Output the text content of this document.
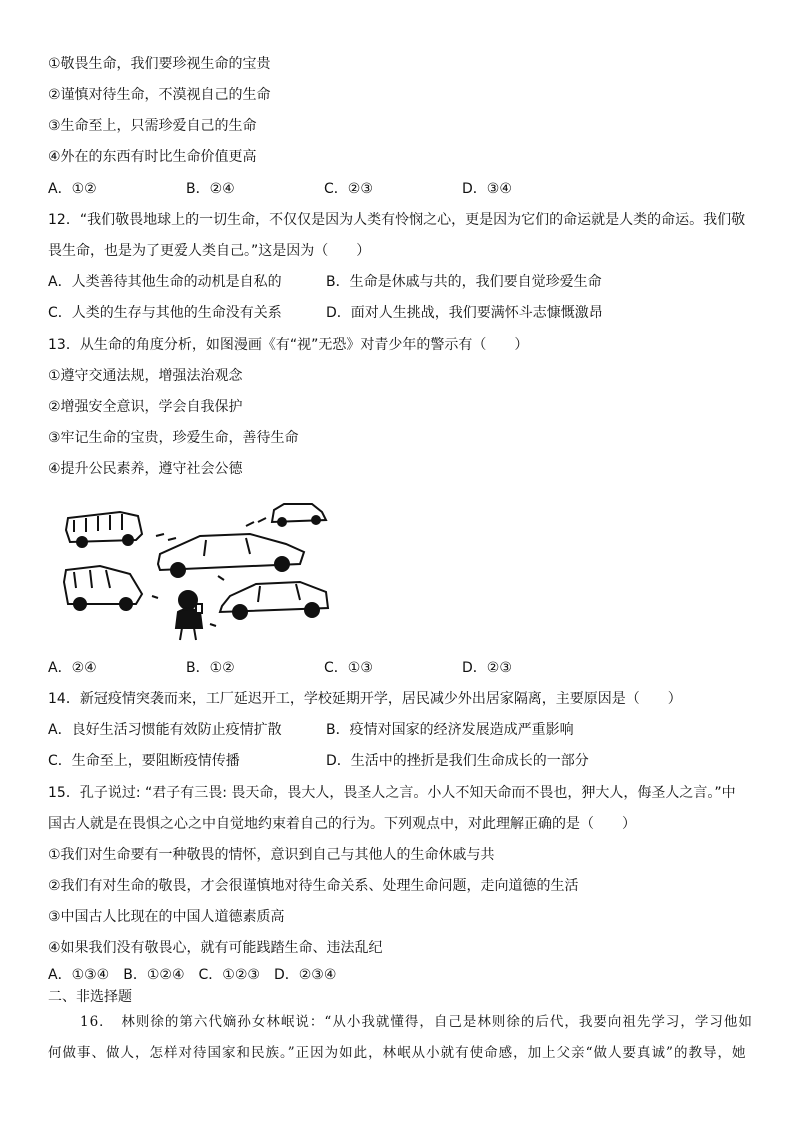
①敬畏生命，我们要珍视生命的宝贵
②谨慎对待生命，不漠视自己的生命
③生命至上，只需珍爱自己的生命
④外在的东西有时比生命价值更高
A．①②	B．②④	C．②③	D．③④
12．“我们敬畏地球上的一切生命，不仅仅是因为人类有怜悯之心，更是因为它们的命运就是人类的命运。我们敬
畏生命，也是为了更爱人类自己。”这是因为（　　）
A．人类善待其他生命的动机是自私的	B．生命是休戚与共的，我们要自觉珍爱生命
C．人类的生存与其他的生命没有关系	D．面对人生挑战，我们要满怀斗志慷慨激昂
13．从生命的角度分析，如图漫画《有“视”无恐》对青少年的警示有（　　）
①遵守交通法规，增强法治观念
②增强安全意识，学会自我保护
③牢记生命的宝贵，珍爱生命，善待生命
④提升公民素养，遵守社会公德
A．②④	B．①②	C．①③	D．②③
14．新冠疫情突袭而来，工厂延迟开工，学校延期开学，居民减少外出居家隔离，主要原因是（　　）
A．良好生活习惯能有效防止疫情扩散	B．疫情对国家的经济发展造成严重影响
C．生命至上，要阻断疫情传播	D．生活中的挫折是我们生命成长的一部分
15．孔子说过: “君子有三畏: 畏天命，畏大人，畏圣人之言。小人不知天命而不畏也，狎大人，侮圣人之言。”中
国古人就是在畏惧之心之中自觉地约束着自己的行为。下列观点中，对此理解正确的是（　　）
①我们对生命要有一种敬畏的情怀，意识到自己与其他人的生命休戚与共
②我们有对生命的敬畏，才会很谨慎地对待生命关系、处理生命问题，走向道德的生活
③中国古人比现在的中国人道德素质高
④如果我们没有敬畏心，就有可能践踏生命、违法乱纪
A．①③④ B．①②④ C．①②③ D．②③④
二、非选择题
16．　林则徐的第六代嫡孙女林岷说：“从小我就懂得，自己是林则徐的后代，我要向祖先学习，学习他如
何做事、做人，怎样对待国家和民族。”正因为如此，林岷从小就有使命感，加上父亲“做人要真诚”的教导，她
